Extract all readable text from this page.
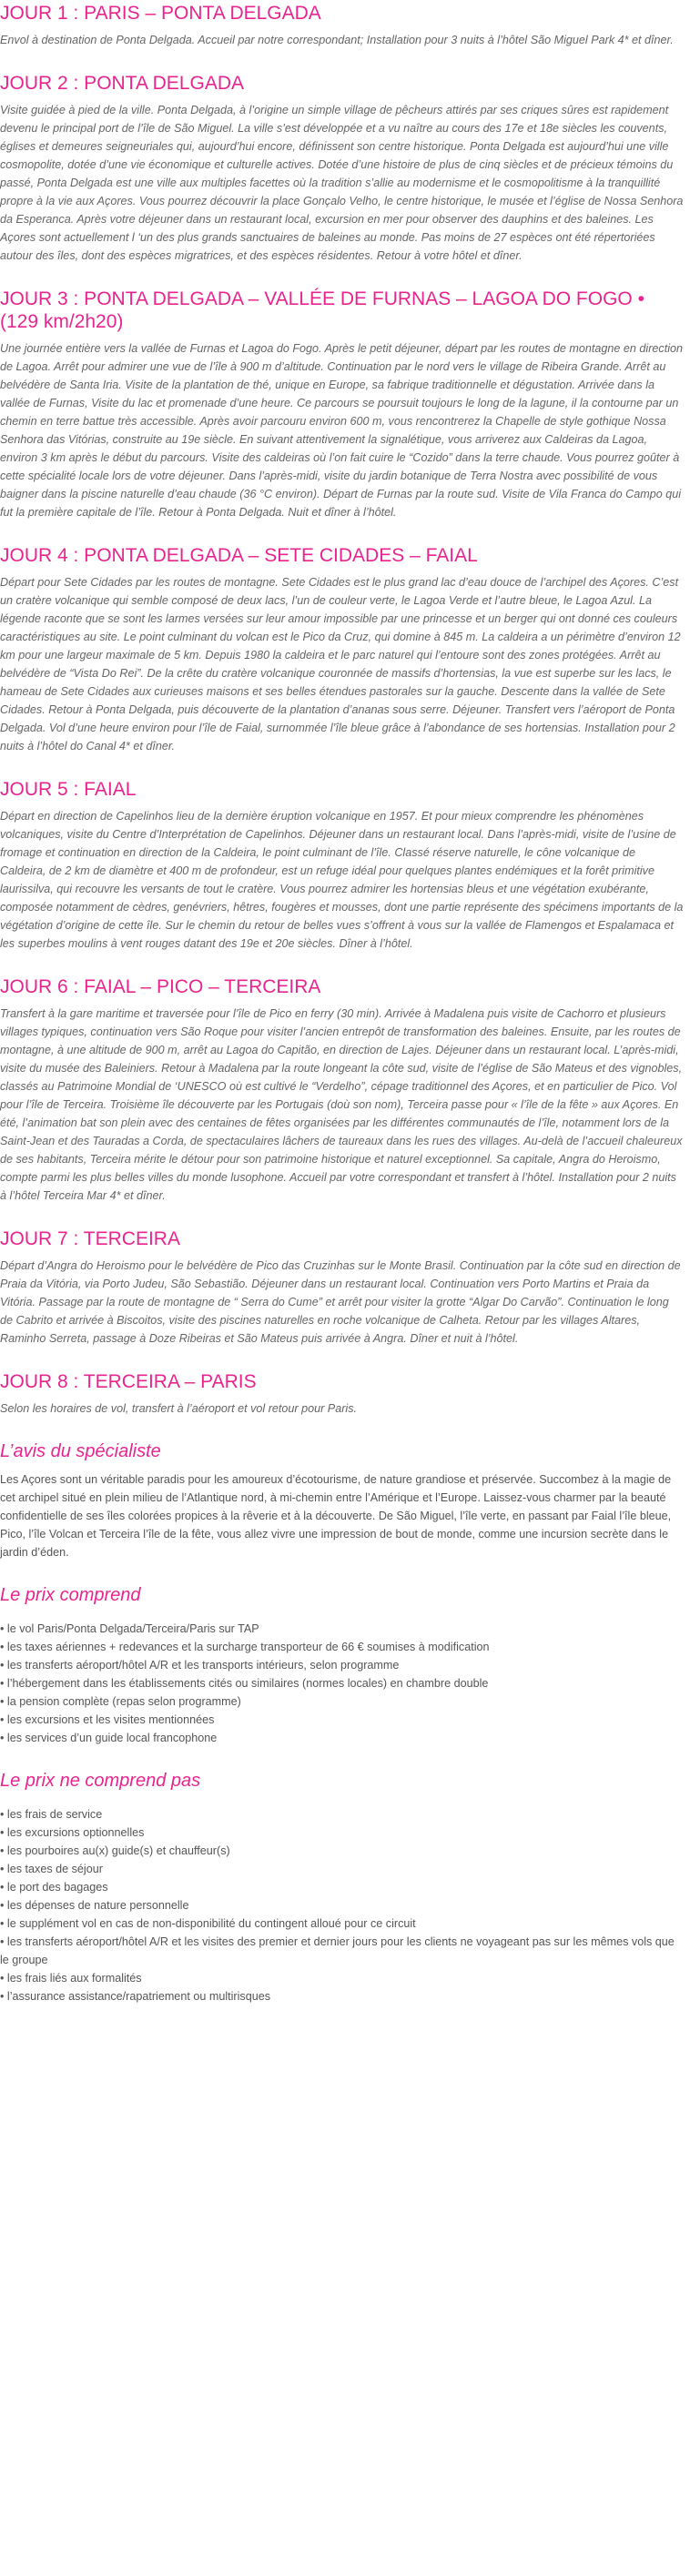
JOUR 1 : PARIS – PONTA DELGADA

Envol à destination de Ponta Delgada. Accueil par notre correspondant; Installation pour 3 nuits à l’hôtel São Miguel Park 4* et dîner.

JOUR 2 : PONTA DELGADA

Visite guidée à pied de la ville. Ponta Delgada, à l’origine un simple village de pêcheurs attirés par ses criques sûres est rapidement devenu le principal port de l’île de São Miguel. La ville s’est développée et a vu naître au cours des 17e et 18e siècles les couvents, églises et demeures seigneuriales qui, aujourd’hui encore, définissent son centre historique. Ponta Delgada est aujourd’hui une ville cosmopolite, dotée d’une vie économique et culturelle actives. Dotée d’une histoire de plus de cinq siècles et de précieux témoins du passé, Ponta Delgada est une ville aux multiples facettes où la tradition s’allie au modernisme et le cosmopolitisme à la tranquillité propre à la vie aux Açores. Vous pourrez découvrir la place Gonçalo Velho, le centre historique, le musée et l’église de Nossa Senhora da Esperanca. Après votre déjeuner dans un restaurant local, excursion en mer pour observer des dauphins et des baleines. Les Açores sont actuellement l ‘un des plus grands sanctuaires de baleines au monde. Pas moins de 27 espèces ont été répertoriées autour des îles, dont des espèces migratrices, et des espèces résidentes. Retour à votre hôtel et dîner.

JOUR 3 : PONTA DELGADA – VALLÉE DE FURNAS – LAGOA DO FOGO • (129 km/2h20)

Une journée entière vers la vallée de Furnas et Lagoa do Fogo. Après le petit déjeuner, départ par les routes de montagne en direction de Lagoa. Arrêt pour admirer une vue de l’île à 900 m d’altitude. Continuation par le nord vers le village de Ribeira Grande. Arrêt au belvédère de Santa Iria. Visite de la plantation de thé, unique en Europe, sa fabrique traditionnelle et dégustation. Arrivée dans la vallée de Furnas, Visite du lac et promenade d’une heure. Ce parcours se poursuit toujours le long de la lagune, il la contourne par un chemin en terre battue très accessible. Après avoir parcouru environ 600 m, vous rencontrerez la Chapelle de style gothique Nossa Senhora das Vitórias, construite au 19e siècle. En suivant attentivement la signalétique, vous arriverez aux Caldeiras da Lagoa, environ 3 km après le début du parcours. Visite des caldeiras où l’on fait cuire le “Cozido” dans la terre chaude. Vous pourrez goûter à cette spécialité locale lors de votre déjeuner. Dans l’après-midi, visite du jardin botanique de Terra Nostra avec possibilité de vous baigner dans la piscine naturelle d’eau chaude (36 °C environ). Départ de Furnas par la route sud. Visite de Vila Franca do Campo qui fut la première capitale de l’île. Retour à Ponta Delgada. Nuit et dîner à l’hôtel.

JOUR 4 : PONTA DELGADA – SETE CIDADES – FAIAL

Départ pour Sete Cidades par les routes de montagne. Sete Cidades est le plus grand lac d’eau douce de l’archipel des Açores. C’est un cratère volcanique qui semble composé de deux lacs, l’un de couleur verte, le Lagoa Verde et l’autre bleue, le Lagoa Azul. La légende raconte que se sont les larmes versées sur leur amour impossible par une princesse et un berger qui ont donné ces couleurs caractéristiques au site. Le point culminant du volcan est le Pico da Cruz, qui domine à 845 m. La caldeira a un périmètre d’environ 12 km pour une largeur maximale de 5 km. Depuis 1980 la caldeira et le parc naturel qui l’entoure sont des zones protégées. Arrêt au belvédère de “Vista Do Rei”. De la crête du cratère volcanique couronnée de massifs d’hortensias, la vue est superbe sur les lacs, le hameau de Sete Cidades aux curieuses maisons et ses belles étendues pastorales sur la gauche. Descente dans la vallée de Sete Cidades. Retour à Ponta Delgada, puis découverte de la plantation d’ananas sous serre. Déjeuner. Transfert vers l’aéroport de Ponta Delgada. Vol d’une heure environ pour l’île de Faial, surnommée l’île bleue grâce à l’abondance de ses hortensias. Installation pour 2 nuits à l’hôtel do Canal 4* et dîner.

JOUR 5 : FAIAL

Départ en direction de Capelinhos lieu de la dernière éruption volcanique en 1957. Et pour mieux comprendre les phénomènes volcaniques, visite du Centre d’Interprétation de Capelinhos. Déjeuner dans un restaurant local. Dans l’après-midi, visite de l’usine de fromage et continuation en direction de la Caldeira, le point culminant de l’île. Classé réserve naturelle, le cône volcanique de Caldeira, de 2 km de diamètre et 400 m de profondeur, est un refuge idéal pour quelques plantes endémiques et la forêt primitive laurissilva, qui recouvre les versants de tout le cratère. Vous pourrez admirer les hortensias bleus et une végétation exubérante, composée notamment de cèdres, genévriers, hêtres, fougères et mousses, dont une partie représente des spécimens importants de la végétation d’origine de cette île. Sur le chemin du retour de belles vues s’offrent à vous sur la vallée de Flamengos et Espalamaca et les superbes moulins à vent rouges datant des 19e et 20e siècles. Dîner à l’hôtel.

JOUR 6 : FAIAL – PICO – TERCEIRA

Transfert à la gare maritime et traversée pour l’île de Pico en ferry (30 min). Arrivée à Madalena puis visite de Cachorro et plusieurs villages typiques, continuation vers São Roque pour visiter l’ancien entrepôt de transformation des baleines. Ensuite, par les routes de montagne, à une altitude de 900 m, arrêt au Lagoa do Capitão, en direction de Lajes. Déjeuner dans un restaurant local. L’après-midi, visite du musée des Baleiniers. Retour à Madalena par la route longeant la côte sud, visite de l’église de São Mateus et des vignobles, classés au Patrimoine Mondial de ‘UNESCO où est cultivé le “Verdelho”, cépage traditionnel des Açores, et en particulier de Pico. Vol pour l’île de Terceira. Troisième île découverte par les Portugais (doù son nom), Terceira passe pour « l’île de la fête » aux Açores. En été, l’animation bat son plein avec des centaines de fêtes organisées par les différentes communautés de l’île, notamment lors de la Saint-Jean et des Tauradas a Corda, de spectaculaires lâchers de taureaux dans les rues des villages. Au-delà de l’accueil chaleureux de ses habitants, Terceira mérite le détour pour son patrimoine historique et naturel exceptionnel. Sa capitale, Angra do Heroismo, compte parmi les plus belles villes du monde lusophone. Accueil par votre correspondant et transfert à l’hôtel. Installation pour 2 nuits à l’hôtel Terceira Mar 4* et dîner.

JOUR 7 : TERCEIRA

Départ d’Angra do Heroismo pour le belvédère de Pico das Cruzinhas sur le Monte Brasil. Continuation par la côte sud en direction de Praia da Vitória, via Porto Judeu, São Sebastião. Déjeuner dans un restaurant local. Continuation vers Porto Martins et Praia da Vitória. Passage par la route de montagne de “ Serra do Cume” et arrêt pour visiter la grotte “Algar Do Carvão”. Continuation le long de Cabrito et arrivée à Biscoitos, visite des piscines naturelles en roche volcanique de Calheta. Retour par les villages Altares, Raminho Serreta, passage à Doze Ribeiras et São Mateus puis arrivée à Angra. Dîner et nuit à l’hôtel.

JOUR 8 : TERCEIRA – PARIS

Selon les horaires de vol, transfert à l’aéroport et vol retour pour Paris.

L’avis du spécialiste

Les Açores sont un véritable paradis pour les amoureux d’écotourisme, de nature grandiose et préservée. Succombez à la magie de cet archipel situé en plein milieu de l’Atlantique nord, à mi-chemin entre l’Amérique et l’Europe. Laissez-vous charmer par la beauté confidentielle de ses îles colorées propices à la rêverie et à la découverte. De São Miguel, l’île verte, en passant par Faial l’île bleue, Pico, l’île Volcan et Terceira l’île de la fête, vous allez vivre une impression de bout de monde, comme une incursion secrète dans le jardin d’éden.

Le prix comprend
• le vol Paris/Ponta Delgada/Terceira/Paris sur TAP
• les taxes aériennes + redevances et la surcharge transporteur de 66 € soumises à modification
• les transferts aéroport/hôtel A/R et les transports intérieurs, selon programme
• l’hébergement dans les établissements cités ou similaires (normes locales) en chambre double
• la pension complète (repas selon programme)
• les excursions et les visites mentionnées
• les services d’un guide local francophone
Le prix ne comprend pas
• les frais de service
• les excursions optionnelles
• les pourboires au(x) guide(s) et chauffeur(s)
• les taxes de séjour
• le port des bagages
• les dépenses de nature personnelle
• le supplément vol en cas de non-disponibilité du contingent alloué pour ce circuit
• les transferts aéroport/hôtel A/R et les visites des premier et dernier jours pour les clients ne voyageant pas sur les mêmes vols que le groupe
• les frais liés aux formalités
• l’assurance assistance/rapatriement ou multirisques
